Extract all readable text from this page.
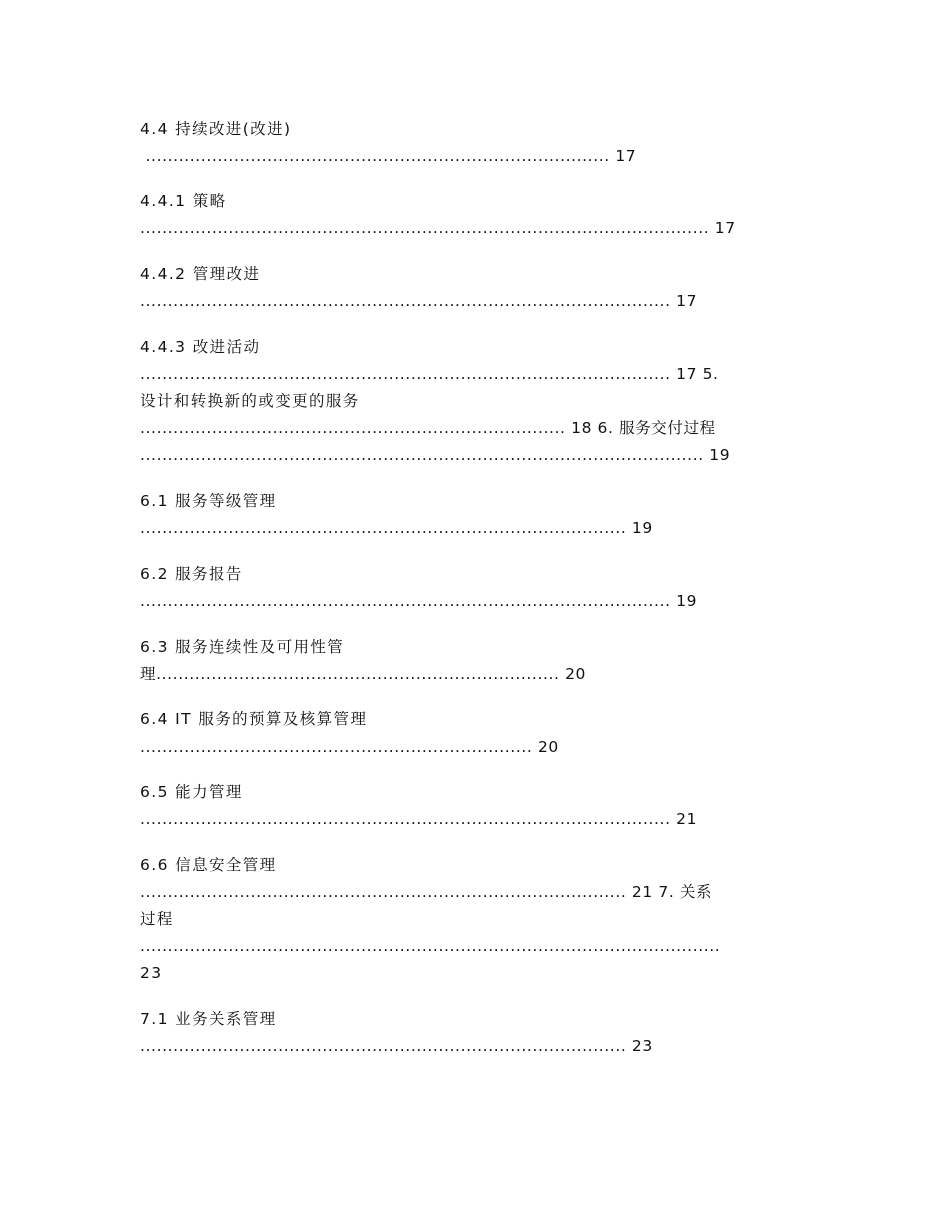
4.4 持续改进(改进)
.................................................................................... 17
4.4.1 策略
....................................................................................................... 17
4.4.2 管理改进
................................................................................................ 17
4.4.3 改进活动
................................................................................................ 17 5.
设计和转换新的或变更的服务
............................................................................. 18 6. 服务交付过程
...................................................................................................... 19
6.1 服务等级管理
........................................................................................ 19
6.2 服务报告
................................................................................................ 19
6.3 服务连续性及可用性管
理......................................................................... 20
6.4 IT 服务的预算及核算管理
....................................................................... 20
6.5 能力管理
................................................................................................ 21
6.6 信息安全管理
........................................................................................ 21 7. 关系
过程
.........................................................................................................
23
7.1 业务关系管理
........................................................................................ 23
